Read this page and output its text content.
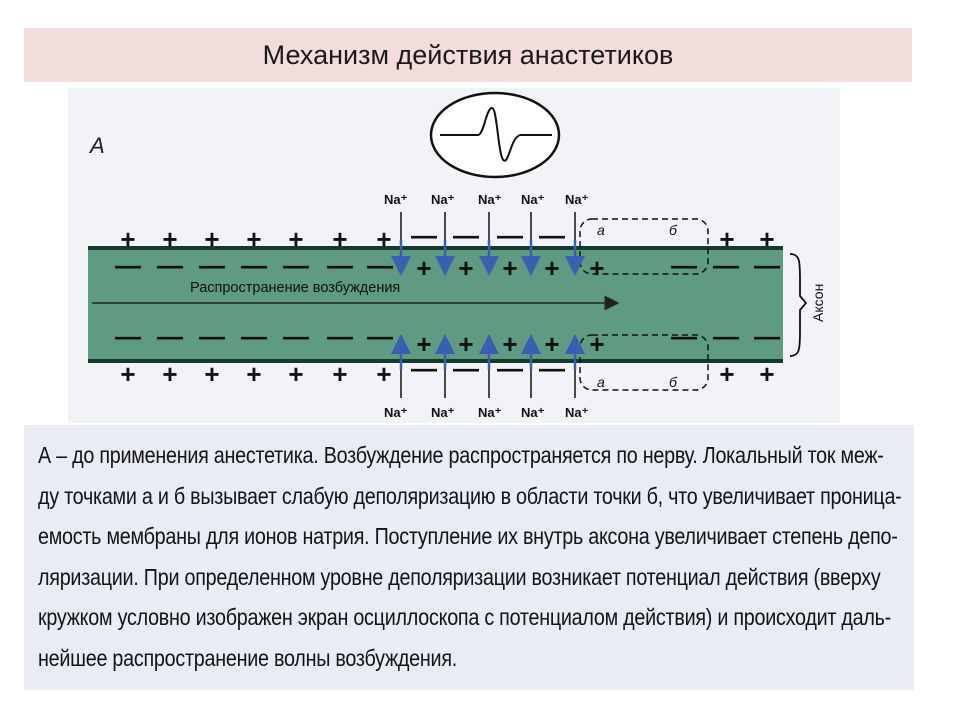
Механизм действия анастетиков
А
Распространение возбуждения	Аксон
а	б
а	б
Na⁺ Na⁺ Na⁺ Na⁺ Na⁺
Na⁺ Na⁺ Na⁺ Na⁺ Na⁺
+ + + + + + + — — — —	+ +
— — — — — — — + + + + +	— — —
— — — — — — — + + + + +	— — —
+ + + + + + + — — — —	+ +
А – до применения анестетика. Возбуждение распространяется по нерву. Локальный ток меж-
ду точками а и б вызывает слабую деполяризацию в области точки б, что увеличивает проница-
емость мембраны для ионов натрия. Поступление их внутрь аксона увеличивает степень депо-
ляризации. При определенном уровне деполяризации возникает потенциал действия (вверху
кружком условно изображен экран осциллоскопа с потенциалом действия) и происходит даль-
нейшее распространение волны возбуждения.
